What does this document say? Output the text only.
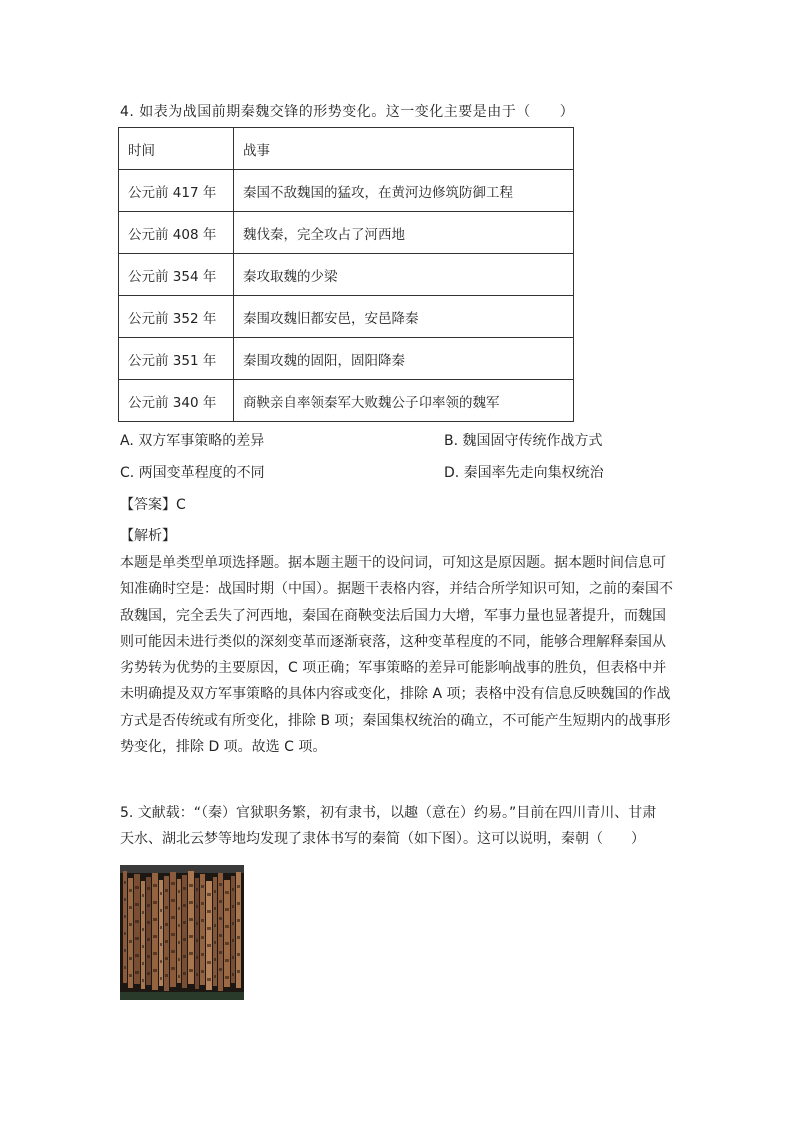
4. 如表为战国前期秦魏交锋的形势变化。这一变化主要是由于（　　）
时间	战事
公元前 417 年	秦国不敌魏国的猛攻，在黄河边修筑防御工程
公元前 408 年	魏伐秦，完全攻占了河西地
公元前 354 年	秦攻取魏的少梁
公元前 352 年	秦围攻魏旧都安邑，安邑降秦
公元前 351 年	秦围攻魏的固阳，固阳降秦
公元前 340 年	商鞅亲自率领秦军大败魏公子卬率领的魏军
A. 双方军事策略的差异	B. 魏国固守传统作战方式
C. 两国变革程度的不同	D. 秦国率先走向集权统治
【答案】C
【解析】
本题是单类型单项选择题。据本题主题干的设问词，可知这是原因题。据本题时间信息可
知准确时空是：战国时期（中国）。据题干表格内容，并结合所学知识可知，之前的秦国不
敌魏国，完全丢失了河西地，秦国在商鞅变法后国力大增，军事力量也显著提升，而魏国
则可能因未进行类似的深刻变革而逐渐衰落，这种变革程度的不同，能够合理解释秦国从
劣势转为优势的主要原因，C 项正确；军事策略的差异可能影响战事的胜负，但表格中并
未明确提及双方军事策略的具体内容或变化，排除 A 项；表格中没有信息反映魏国的作战
方式是否传统或有所变化，排除 B 项；秦国集权统治的确立，不可能产生短期内的战事形
势变化，排除 D 项。故选 C 项。
5. 文献载：“（秦）官狱职务繁，初有隶书，以趣（意在）约易。”目前在四川青川、甘肃
天水、湖北云梦等地均发现了隶体书写的秦简（如下图）。这可以说明，秦朝（　　）
